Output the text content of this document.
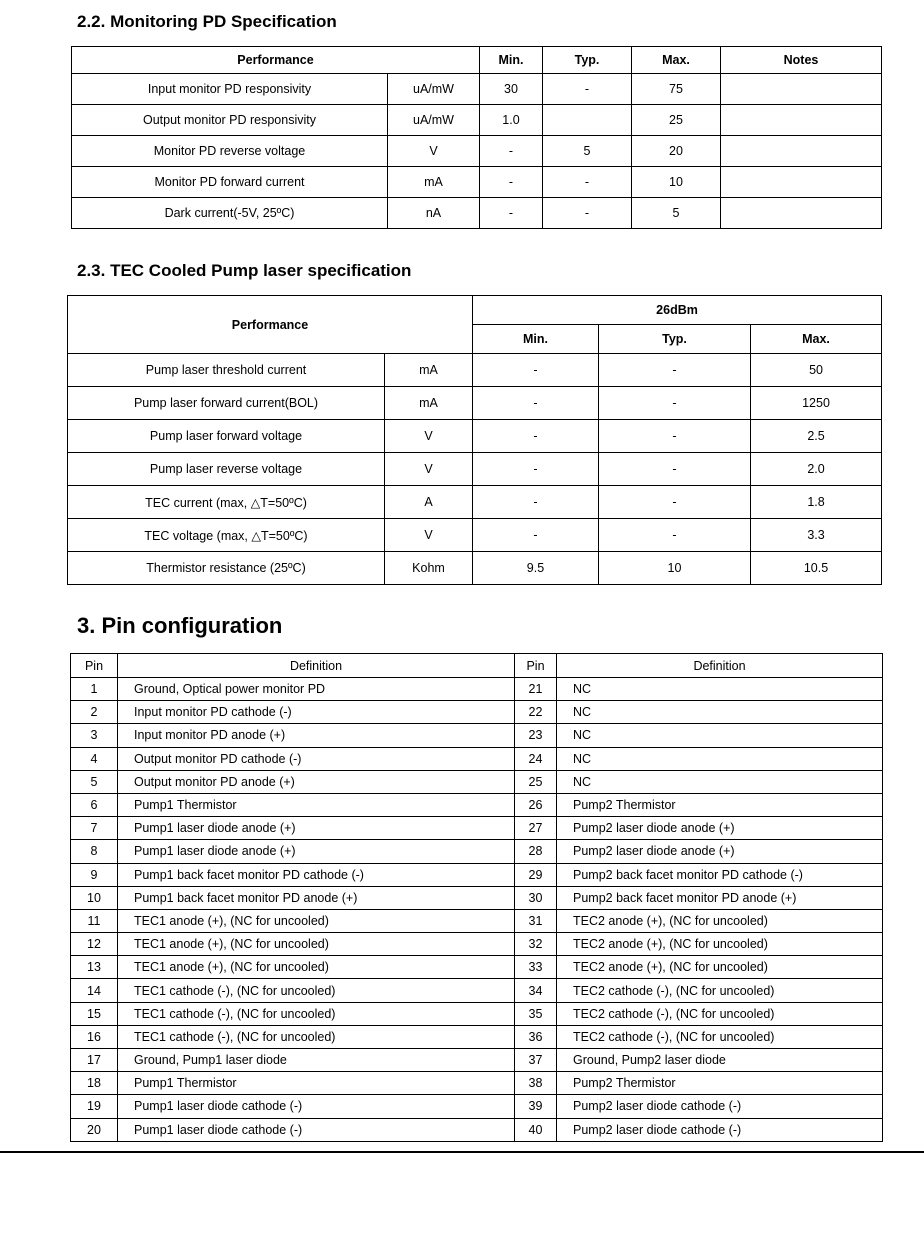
2.2. Monitoring PD Specification
Performance		Min.	Typ.	Max.	Notes
Input monitor PD responsivity	uA/mW	30	-	75	
Output monitor PD responsivity	uA/mW	1.0		25	
Monitor PD reverse voltage	V	-	5	20	
Monitor PD forward current	mA	-	-	10	
Dark current(-5V, 25ºC)	nA	-	-	5	
2.3. TEC Cooled Pump laser specification
Performance		26dBm		
		Min.	Typ.	Max.
Pump laser threshold current	mA	-	-	50
Pump laser forward current(BOL)	mA	-	-	1250
Pump laser forward voltage	V	-	-	2.5
Pump laser reverse voltage	V	-	-	2.0
TEC current (max, △T=50ºC)	A	-	-	1.8
TEC voltage (max, △T=50ºC)	V	-	-	3.3
Thermistor resistance (25ºC)	Kohm	9.5	10	10.5
3. Pin configuration
Pin	Definition	Pin	Definition
1	Ground, Optical power monitor PD	21	NC
2	Input monitor PD cathode (-)	22	NC
3	Input monitor PD anode (+)	23	NC
4	Output monitor PD cathode (-)	24	NC
5	Output monitor PD anode (+)	25	NC
6	Pump1 Thermistor	26	Pump2 Thermistor
7	Pump1 laser diode anode (+)	27	Pump2 laser diode anode (+)
8	Pump1 laser diode anode (+)	28	Pump2 laser diode anode (+)
9	Pump1 back facet monitor PD cathode (-)	29	Pump2 back facet monitor PD cathode (-)
10	Pump1 back facet monitor PD anode (+)	30	Pump2 back facet monitor PD anode (+)
11	TEC1 anode (+), (NC for uncooled)	31	TEC2 anode (+), (NC for uncooled)
12	TEC1 anode (+), (NC for uncooled)	32	TEC2 anode (+), (NC for uncooled)
13	TEC1 anode (+), (NC for uncooled)	33	TEC2 anode (+), (NC for uncooled)
14	TEC1 cathode (-), (NC for uncooled)	34	TEC2 cathode (-), (NC for uncooled)
15	TEC1 cathode (-), (NC for uncooled)	35	TEC2 cathode (-), (NC for uncooled)
16	TEC1 cathode (-), (NC for uncooled)	36	TEC2 cathode (-), (NC for uncooled)
17	Ground, Pump1 laser diode	37	Ground, Pump2 laser diode
18	Pump1 Thermistor	38	Pump2 Thermistor
19	Pump1 laser diode cathode (-)	39	Pump2 laser diode cathode (-)
20	Pump1 laser diode cathode (-)	40	Pump2 laser diode cathode (-)
